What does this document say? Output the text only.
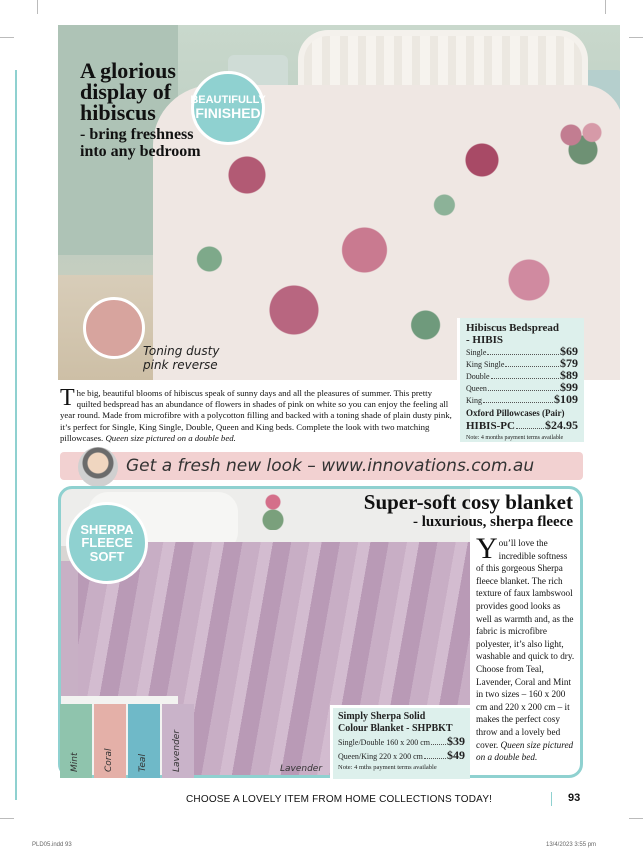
A glorious
display of
hibiscus
- bring freshness
into any bedroom
BEAUTIFULLY
FINISHED
Toning dusty
pink reverse
Hibiscus Bedspread
- HIBIS
Single	$69
King Single	$79
Double	$89
Queen	$99
King	$109
Oxford Pillowcases (Pair)
HIBIS-PC	$24.95
Note: 4 months payment terms available
The big, beautiful blooms of hibiscus speak of sunny days and all the pleasures of summer. This pretty quilted bedspread has an abundance of flowers in shades of pink on white so you can enjoy the feeling all year round. Made from microfibre with a polycotton filling and backed with a toning shade of plain dusty pink, it’s perfect for Single, King Single, Double, Queen and King beds. Complete the look with two matching pillowcases. Queen size pictured on a double bed.
Get a fresh new look – www.innovations.com.au
SHERPA
FLEECE
SOFT
Super-soft cosy blanket
- luxurious, sherpa fleece
You’ll love the incredible softness of this gorgeous Sherpa fleece blanket. The rich texture of faux lambswool provides good looks as well as warmth and, as the fabric is microfibre polyester, it’s also light, washable and quick to dry. Choose from Teal, Lavender, Coral and Mint in two sizes – 160 x 200 cm and 220 x 200 cm – it makes the perfect cosy throw and a lovely bed cover. Queen size pictured on a double bed.
Mint	Coral	Teal	Lavender	Lavender
Simply Sherpa Solid
Colour Blanket - SHPBKT
Single/Double 160 x 200 cm $39
Queen/King 220 x 200 cm $49
Note: 4 mths payment terms available
CHOOSE A LOVELY ITEM FROM HOME COLLECTIONS TODAY!	93
PLD05.indd 93	13/4/2023 3:55 pm
